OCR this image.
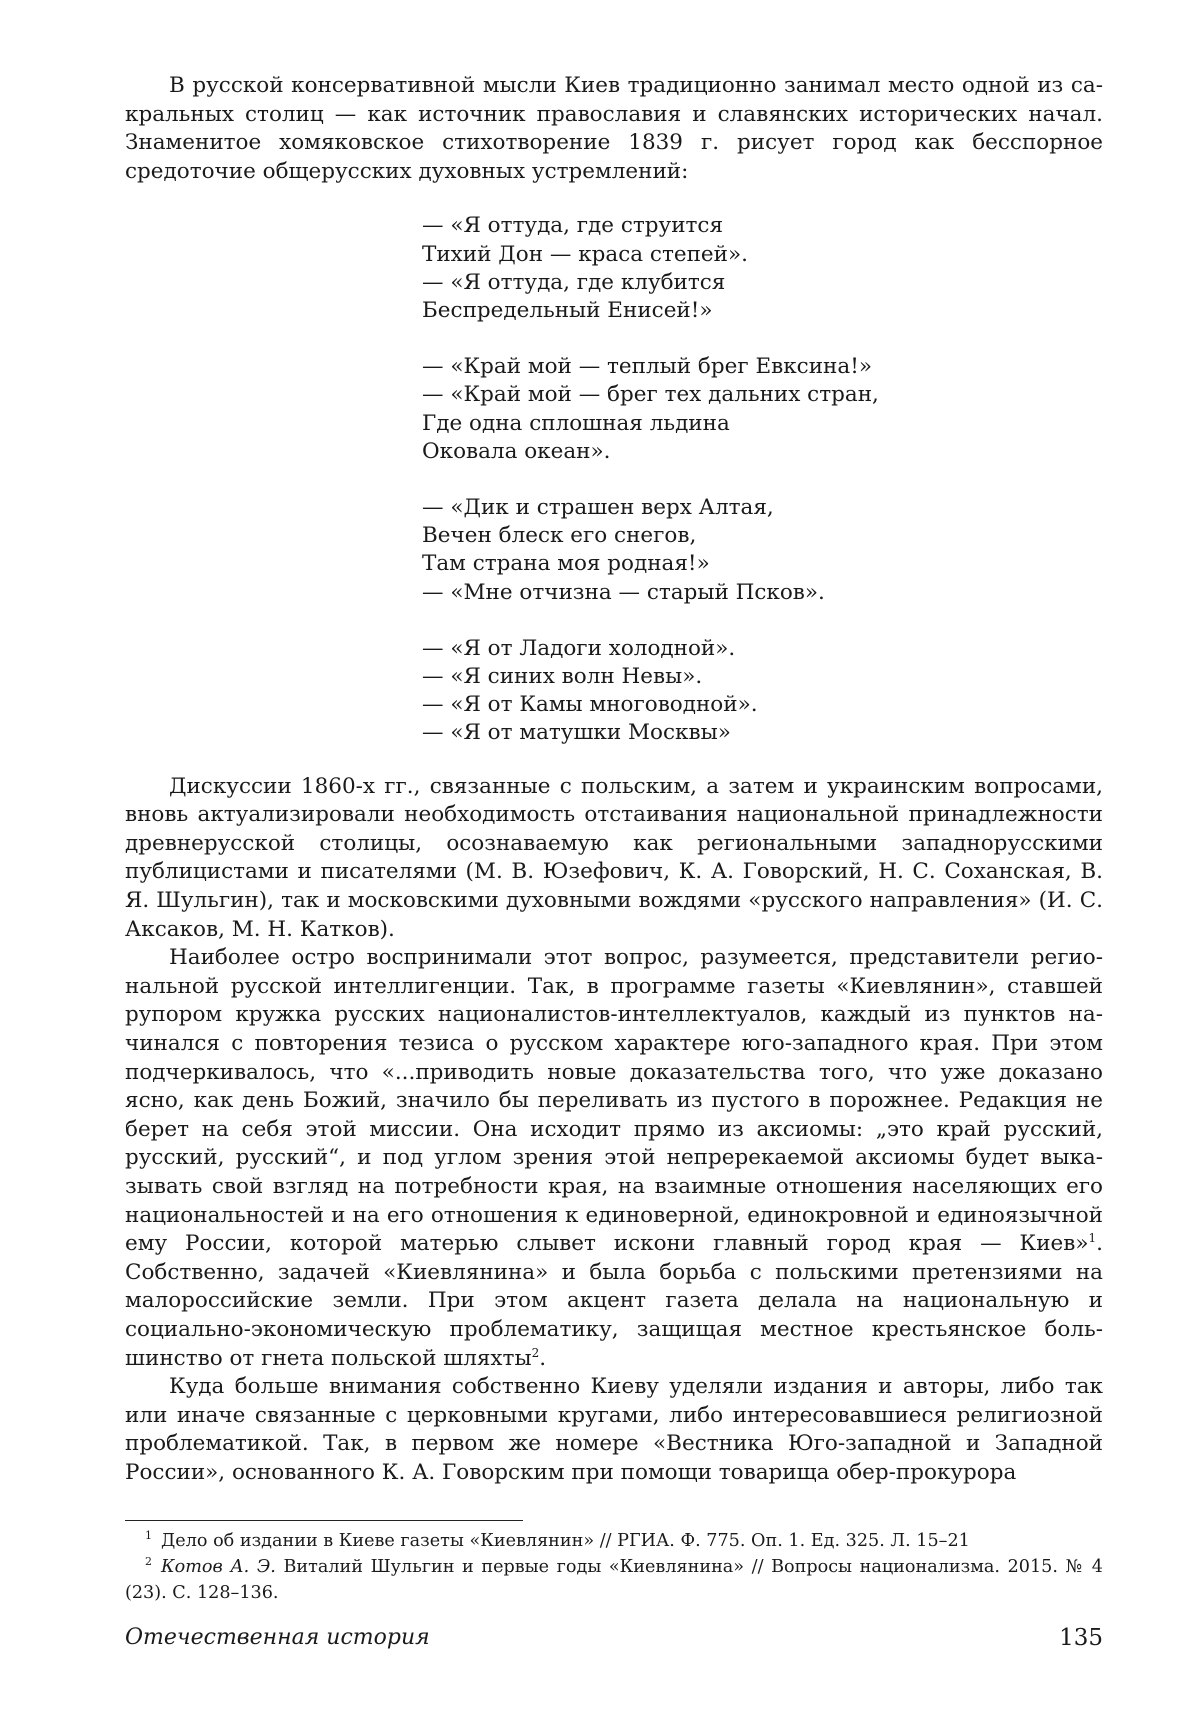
В русской консервативной мысли Киев традиционно занимал место одной из сакральных столиц — как источник православия и славянских исторических начал. Знаменитое хомяковское стихотворение 1839 г. рисует город как бесспорное средоточие общерусских духовных устремлений:

— «Я оттуда, где струится
Тихий Дон — краса степей».
— «Я оттуда, где клубится
Беспредельный Енисей!»
— «Край мой — теплый брег Евксина!»
— «Край мой — брег тех дальних стран,
Где одна сплошная льдина
Оковала океан».
— «Дик и страшен верх Алтая,
Вечен блеск его снегов,
Там страна моя родная!»
— «Мне отчизна — старый Псков».
— «Я от Ладоги холодной».
— «Я синих волн Невы».
— «Я от Камы многоводной».
— «Я от матушки Москвы»

Дискуссии 1860-х гг., связанные с польским, а затем и украинским вопросами, вновь актуализировали необходимость отстаивания национальной принадлежности древнерусской столицы, осознаваемую как региональными западнорусскими публицистами и писателями (М. В. Юзефович, К. А. Говорский, Н. С. Соханская, В. Я. Шульгин), так и московскими духовными вождями «русского направления» (И. С. Аксаков, М. Н. Катков).

Наиболее остро воспринимали этот вопрос, разумеется, представители региональной русской интеллигенции. Так, в программе газеты «Киевлянин», ставшей рупором кружка русских националистов-интеллектуалов, каждый из пунктов начинался с повторения тезиса о русском характере юго-западного края. При этом подчеркивалось, что «...приводить новые доказательства того, что уже доказано ясно, как день Божий, значило бы переливать из пустого в порожнее. Редакция не берет на себя этой миссии. Она исходит прямо из аксиомы: „это край русский, русский, русский“, и под углом зрения этой непререкаемой аксиомы будет выказывать свой взгляд на потребности края, на взаимные отношения населяющих его национальностей и на его отношения к единоверной, единокровной и единоязычной ему России, которой матерью слывет искони главный город края — Киев»$^1$. Собственно, задачей «Киевлянина» и была борьба с польскими претензиями на малороссийские земли. При этом акцент газета делала на национальную и социально-экономическую проблематику, защищая местное крестьянское большинство от гнета польской шляхты$^2$.

Куда больше внимания собственно Киеву уделяли издания и авторы, либо так или иначе связанные с церковными кругами, либо интересовавшиеся религиозной проблематикой. Так, в первом же номере «Вестника Юго-западной и Западной России», основанного К. А. Говорским при помощи товарища обер-прокурора

$^1$ Дело об издании в Киеве газеты «Киевлянин» // РГИА. Ф. 775. Оп. 1. Ед. 325. Л. 15–21

$^2$ Котов А. Э. Виталий Шульгин и первые годы «Киевлянина» // Вопросы национализма. 2015. № 4 (23). С. 128–136.

Отечественная история	135
